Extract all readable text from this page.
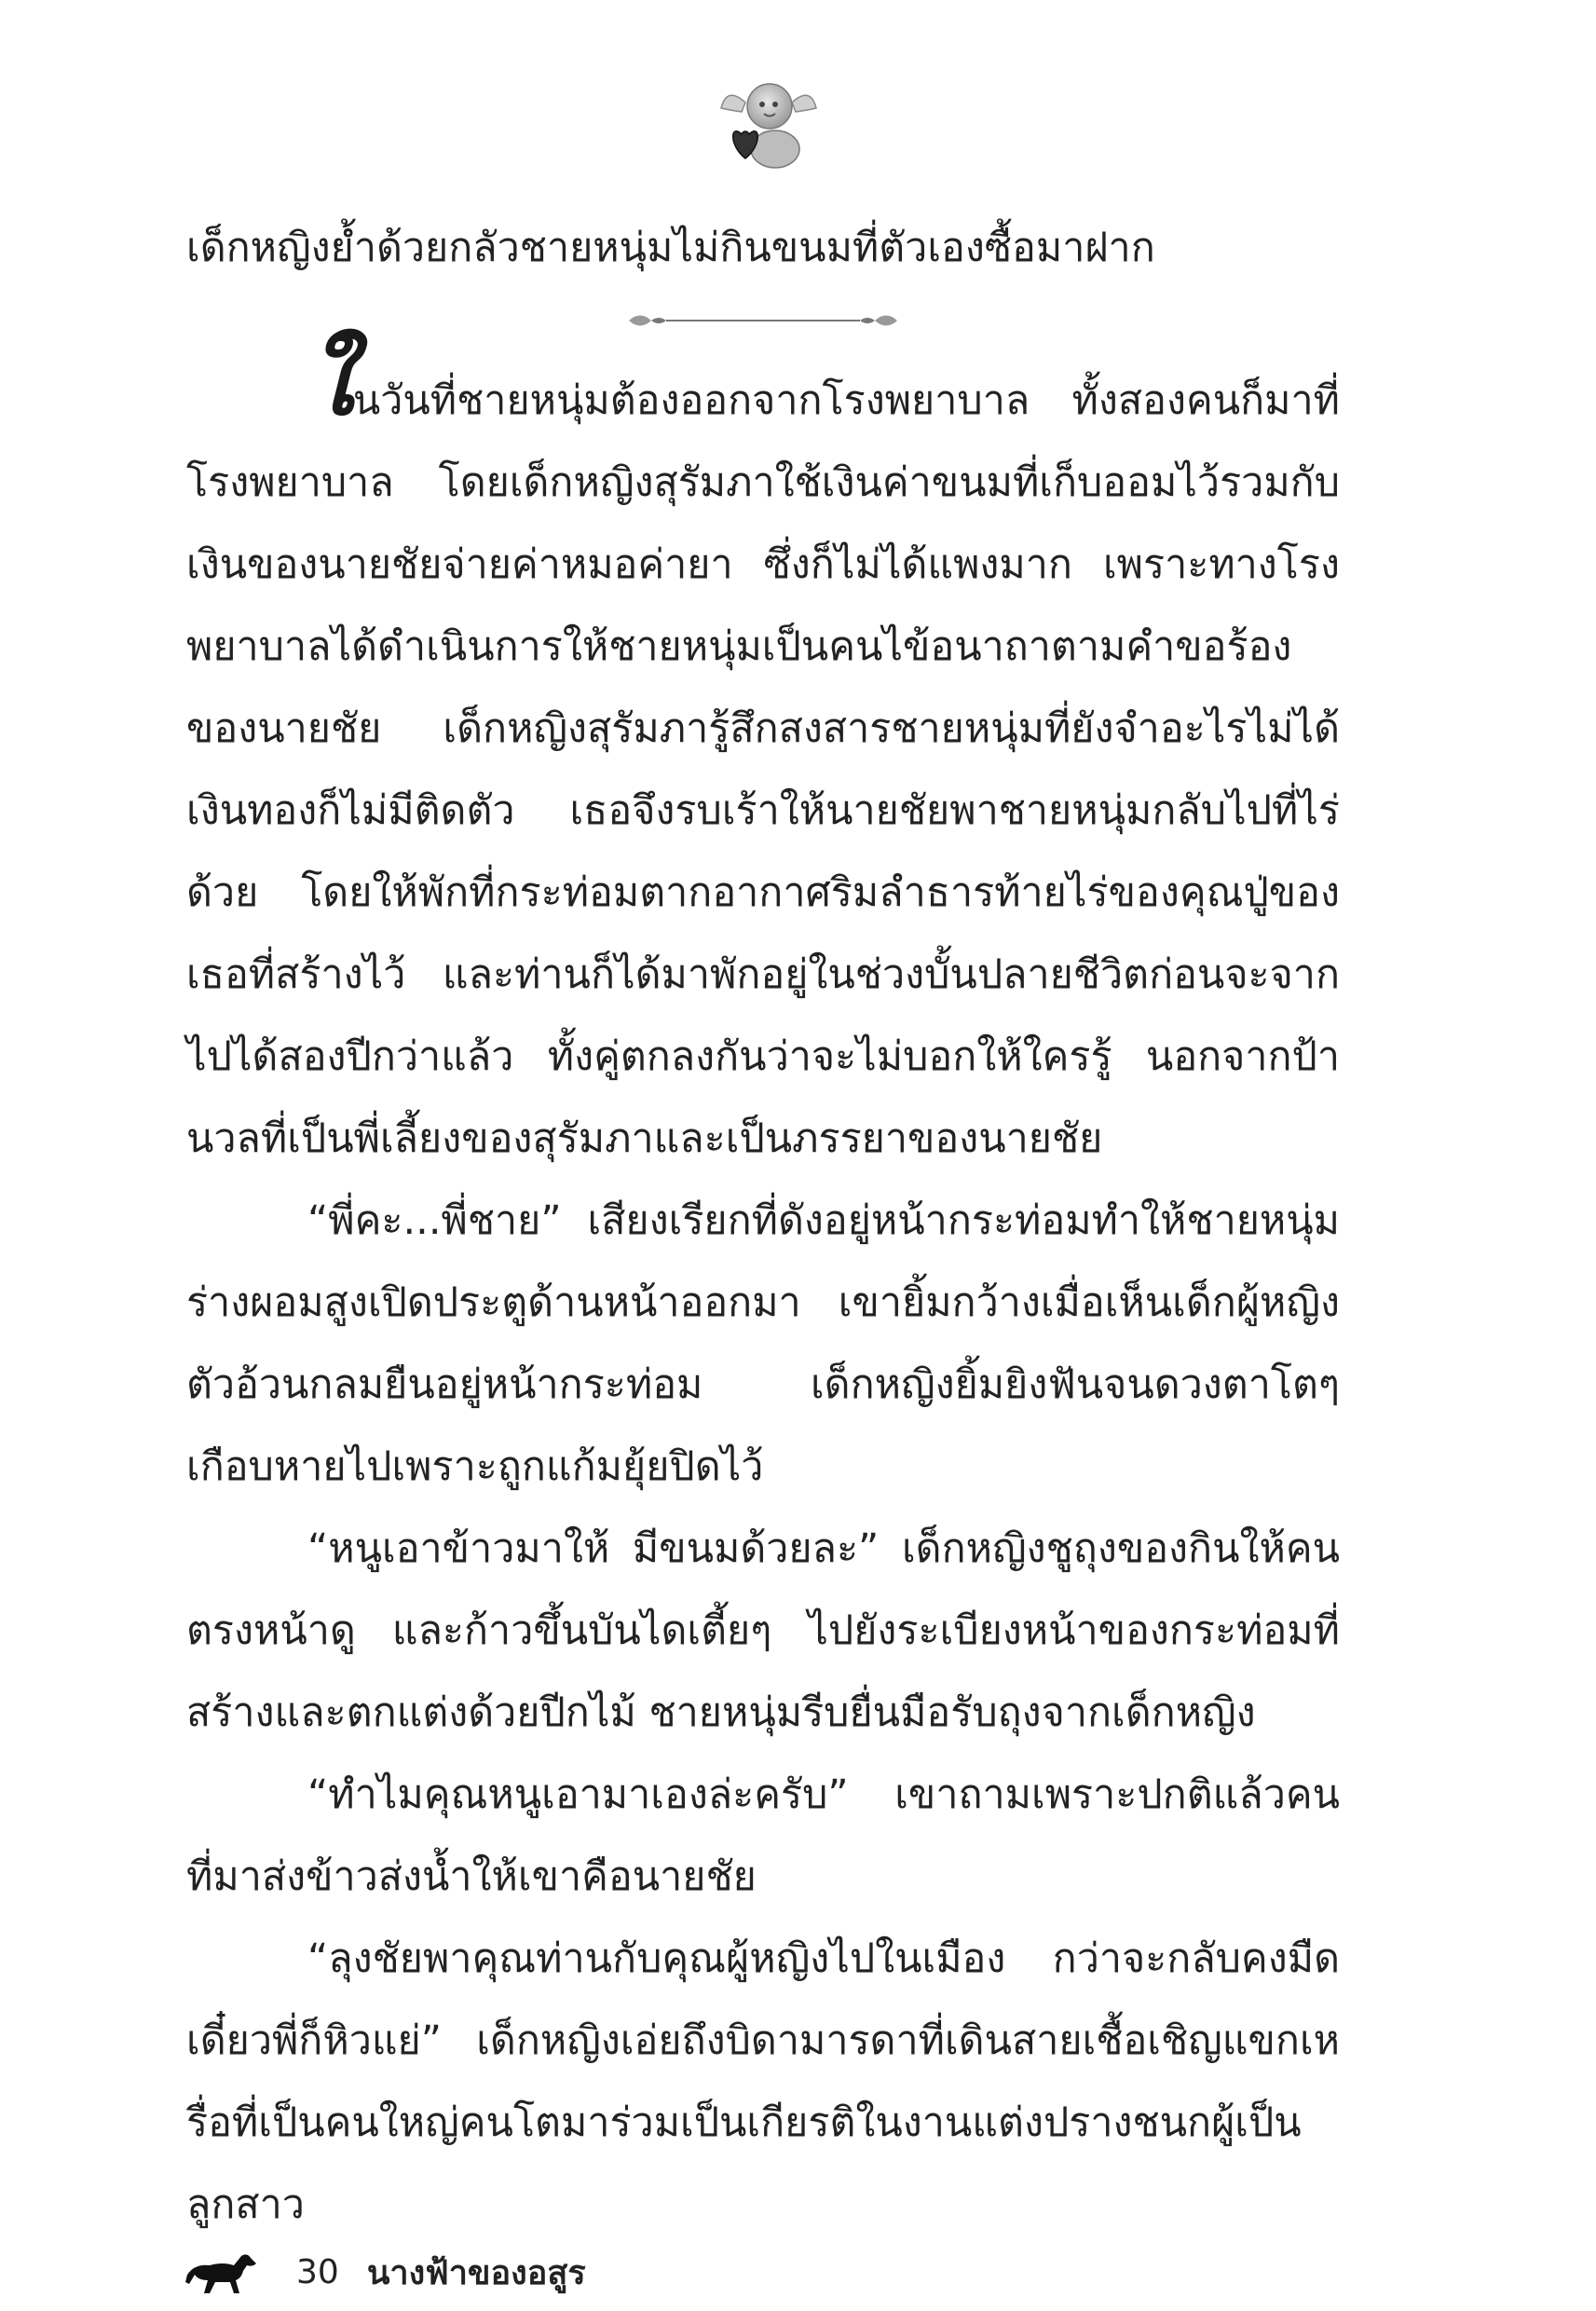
เด็กหญิงย้ำด้วยกลัวชายหนุ่มไม่กินขนมที่ตัวเองซื้อมาฝาก

ในวันที่ชายหนุ่มต้องออกจากโรงพยาบาล ทั้งสองคนก็มาที่โรงพยาบาล โดยเด็กหญิงสุรัมภาใช้เงินค่าขนมที่เก็บออมไว้รวมกับเงินของนายชัยจ่ายค่าหมอค่ายา ซึ่งก็ไม่ได้แพงมาก เพราะทางโรงพยาบาลได้ดำเนินการให้ชายหนุ่มเป็นคนไข้อนาถาตามคำขอร้องของนายชัย เด็กหญิงสุรัมภารู้สึกสงสารชายหนุ่มที่ยังจำอะไรไม่ได้ เงินทองก็ไม่มีติดตัว เธอจึงรบเร้าให้นายชัยพาชายหนุ่มกลับไปที่ไร่ด้วย โดยให้พักที่กระท่อมตากอากาศริมลำธารท้ายไร่ของคุณปู่ของเธอที่สร้างไว้ และท่านก็ได้มาพักอยู่ในช่วงบั้นปลายชีวิตก่อนจะจากไปได้สองปีกว่าแล้ว ทั้งคู่ตกลงกันว่าจะไม่บอกให้ใครรู้ นอกจากป้านวลที่เป็นพี่เลี้ยงของสุรัมภาและเป็นภรรยาของนายชัย

“พี่คะ...พี่ชาย” เสียงเรียกที่ดังอยู่หน้ากระท่อมทำให้ชายหนุ่มร่างผอมสูงเปิดประตูด้านหน้าออกมา เขายิ้มกว้างเมื่อเห็นเด็กผู้หญิงตัวอ้วนกลมยืนอยู่หน้ากระท่อม เด็กหญิงยิ้มยิงฟันจนดวงตาโตๆ เกือบหายไปเพราะถูกแก้มยุ้ยปิดไว้

“หนูเอาข้าวมาให้ มีขนมด้วยละ” เด็กหญิงชูถุงของกินให้คนตรงหน้าดู และก้าวขึ้นบันไดเตี้ยๆ ไปยังระเบียงหน้าของกระท่อมที่สร้างและตกแต่งด้วยปีกไม้ ชายหนุ่มรีบยื่นมือรับถุงจากเด็กหญิง

“ทำไมคุณหนูเอามาเองล่ะครับ” เขาถามเพราะปกติแล้วคนที่มาส่งข้าวส่งน้ำให้เขาคือนายชัย

“ลุงชัยพาคุณท่านกับคุณผู้หญิงไปในเมือง กว่าจะกลับคงมืดเดี๋ยวพี่ก็หิวแย่” เด็กหญิงเอ่ยถึงบิดามารดาที่เดินสายเชื้อเชิญแขกเหรื่อที่เป็นคนใหญ่คนโตมาร่วมเป็นเกียรติในงานแต่งปรางชนกผู้เป็นลูกสาว

30 นางฟ้าของอสูร
